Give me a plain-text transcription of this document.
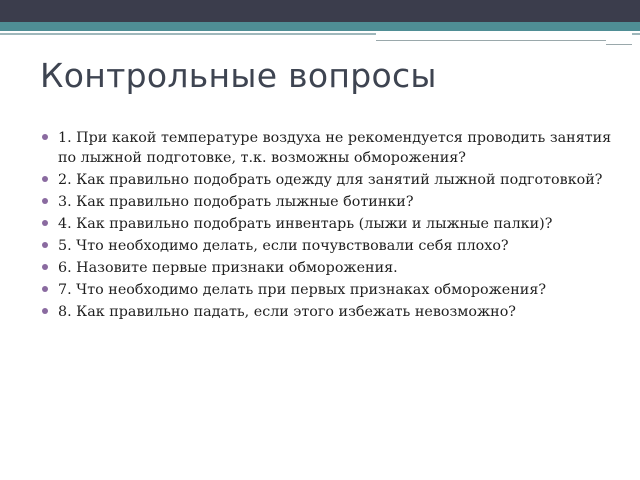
Контрольные вопросы
1. При какой температуре воздуха не рекомендуется проводить занятия по лыжной подготовке, т.к. возможны обморожения?
2. Как правильно подобрать одежду для занятий лыжной подготовкой?
3. Как правильно подобрать лыжные ботинки?
4. Как правильно подобрать инвентарь (лыжи и лыжные палки)?
5. Что необходимо делать, если почувствовали себя плохо?
6. Назовите первые признаки обморожения.
7. Что необходимо делать при первых признаках обморожения?
8. Как правильно падать, если этого избежать невозможно?
